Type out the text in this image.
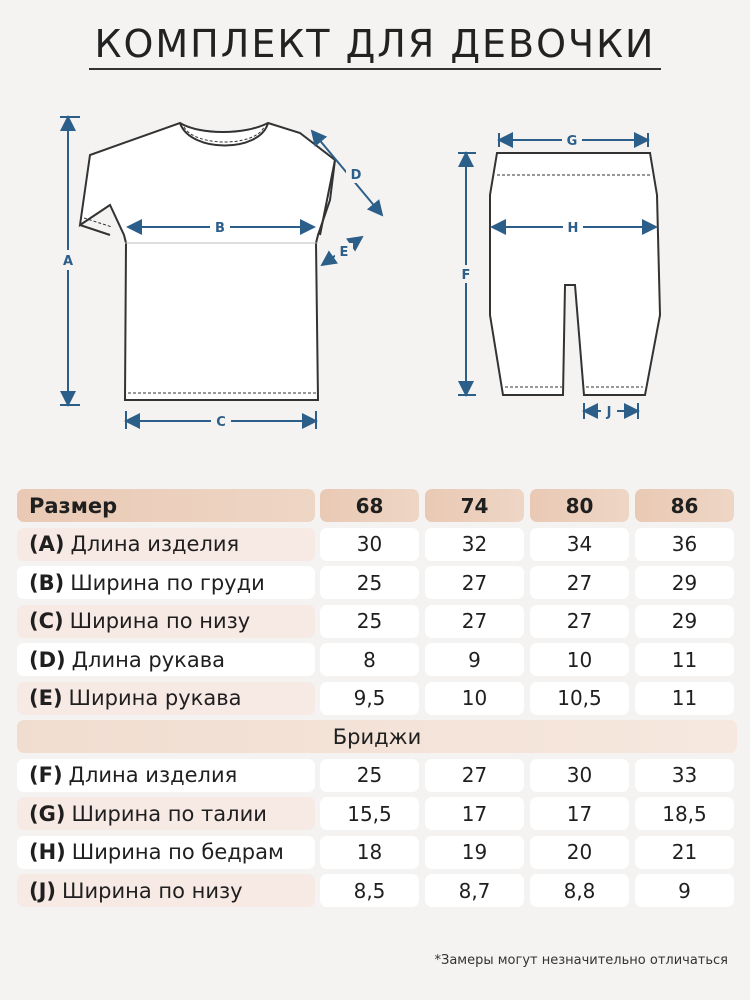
КОМПЛЕКТ ДЛЯ ДЕВОЧКИ
A
B
C
D
E
F
G
H
J
Размер	68	74	80	86
(A) Длина изделия	30	32	34	36
(B) Ширина по груди	25	27	27	29
(C) Ширина по низу	25	27	27	29
(D) Длина рукава	8	9	10	11
(E) Ширина рукава	9,5	10	10,5	11
Бриджи
(F) Длина изделия	25	27	30	33
(G) Ширина по талии	15,5	17	17	18,5
(H) Ширина по бедрам	18	19	20	21
(J) Ширина по низу	8,5	8,7	8,8	9
*Замеры могут незначительно отличаться
